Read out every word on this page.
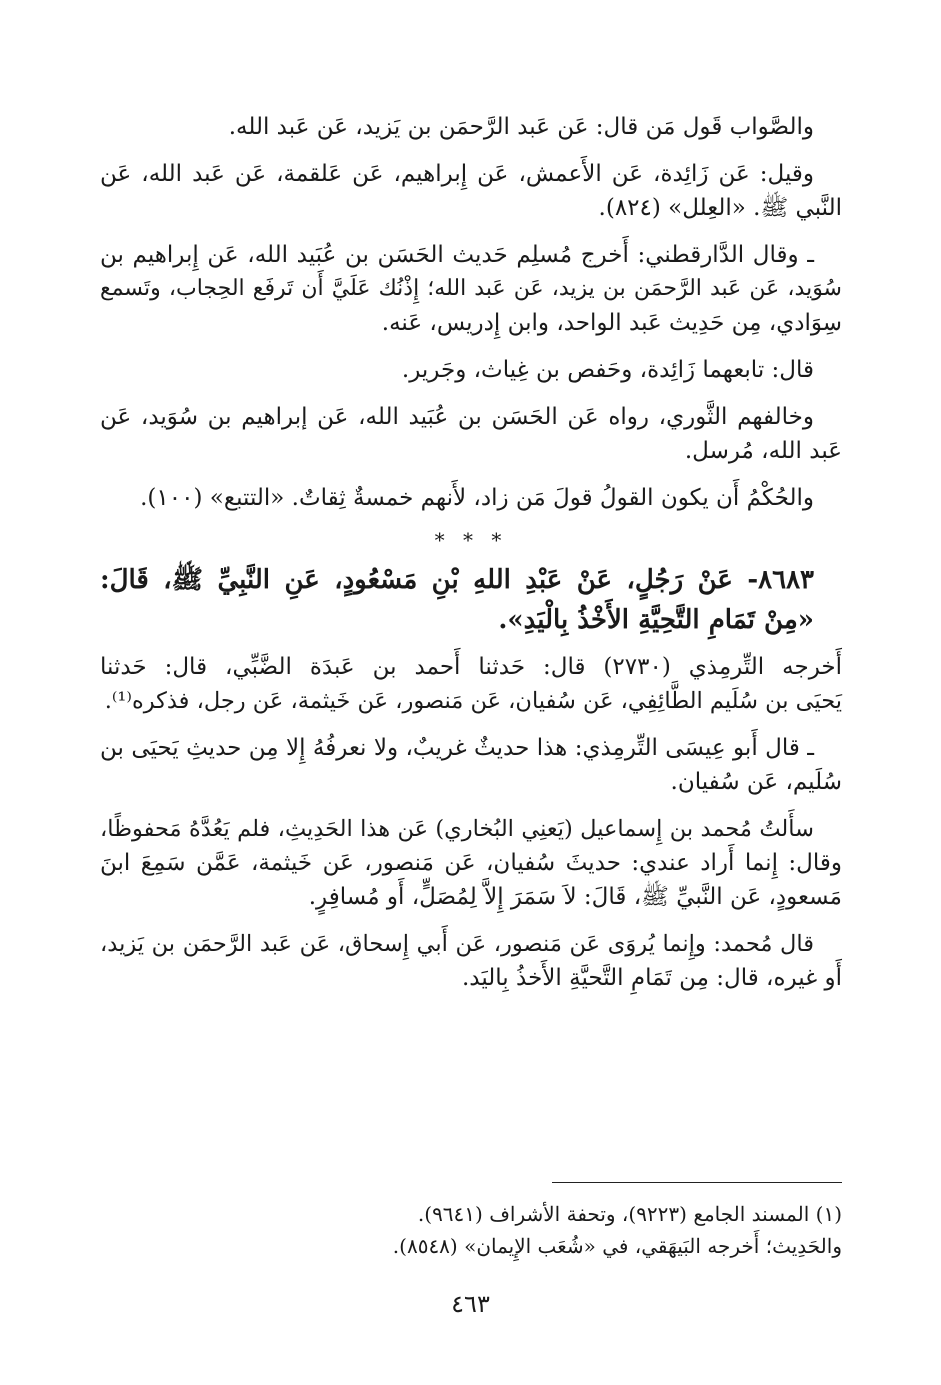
والصَّواب قَول مَن قال: عَن عَبد الرَّحمَن بن يَزيد، عَن عَبد الله.
وقيل: عَن زَائِدة، عَن الأَعمش، عَن إِبراهيم، عَن عَلقمة، عَن عَبد الله، عَن
النَّبي ﷺ. «العِلل» (٨٢٤).
ـ وقال الدَّارقطني: أَخرج مُسلِم حَديث الحَسَن بن عُبَيد الله، عَن إِبراهيم بن
سُوَيد، عَن عَبد الرَّحمَن بن يزيد، عَن عَبد الله؛ إِذْنُك عَلَيَّ أَن تَرفَع الحِجاب، وتَسمع
سِوَادي، مِن حَدِيث عَبد الواحد، وابن إِدريس، عَنه.
قال: تابعهما زَائِدة، وحَفص بن غِياث، وجَرير.
وخالفهم الثَّوري، رواه عَن الحَسَن بن عُبَيد الله، عَن إبراهيم بن سُوَيد، عَن
عَبد الله، مُرسل.
والحُكْمُ أَن يكون القولُ قولَ مَن زاد، لأَنهم خمسةٌ ثِقاتٌ. «التتبع» (١٠٠).
* * *
٨٦٨٣- عَنْ رَجُلٍ، عَنْ عَبْدِ اللهِ بْنِ مَسْعُودٍ، عَنِ النَّبِيِّ ﷺ، قَالَ:
«مِنْ تَمَامِ التَّحِيَّةِ الأَخْذُ بِالْيَدِ».
أَخرجه التِّرمِذي (٢٧٣٠) قال: حَدثنا أَحمد بن عَبدَة الضَّبِّي، قال: حَدثنا
يَحيَى بن سُلَيم الطَّائِفِي، عَن سُفيان، عَن مَنصور، عَن خَيثمة، عَن رجل، فذكره⁽¹⁾.
ـ قال أَبو عِيسَى التِّرمِذي: هذا حديثٌ غريبٌ، ولا نعرفُهُ إِلا مِن حديثِ يَحيَى بن
سُلَيم، عَن سُفيان.
سأَلتُ مُحمد بن إِسماعيل (يَعنِي البُخاري) عَن هذا الحَدِيثِ، فلم يَعُدَّهُ مَحفوظًا،
وقال: إِنما أَراد عندي: حديثَ سُفيان، عَن مَنصور، عَن خَيثمة، عَمَّن سَمِعَ ابنَ
مَسعودٍ، عَن النَّبيِّ ﷺ، قَالَ: لاَ سَمَرَ إِلاَّ لِمُصَلٍّ، أَو مُسافِرٍ.
قال مُحمد: وإِنما يُروَى عَن مَنصور، عَن أَبي إِسحاق، عَن عَبد الرَّحمَن بن يَزيد،
أَو غيره، قال: مِن تَمَامِ التَّحيَّةِ الأَخذُ بِاليَد.
(١) المسند الجامع (٩٢٢٣)، وتحفة الأشراف (٩٦٤١).
والحَدِيث؛ أَخرجه البَيهَقي، في «شُعَب الإِيمان» (٨٥٤٨).
٤٦٣
